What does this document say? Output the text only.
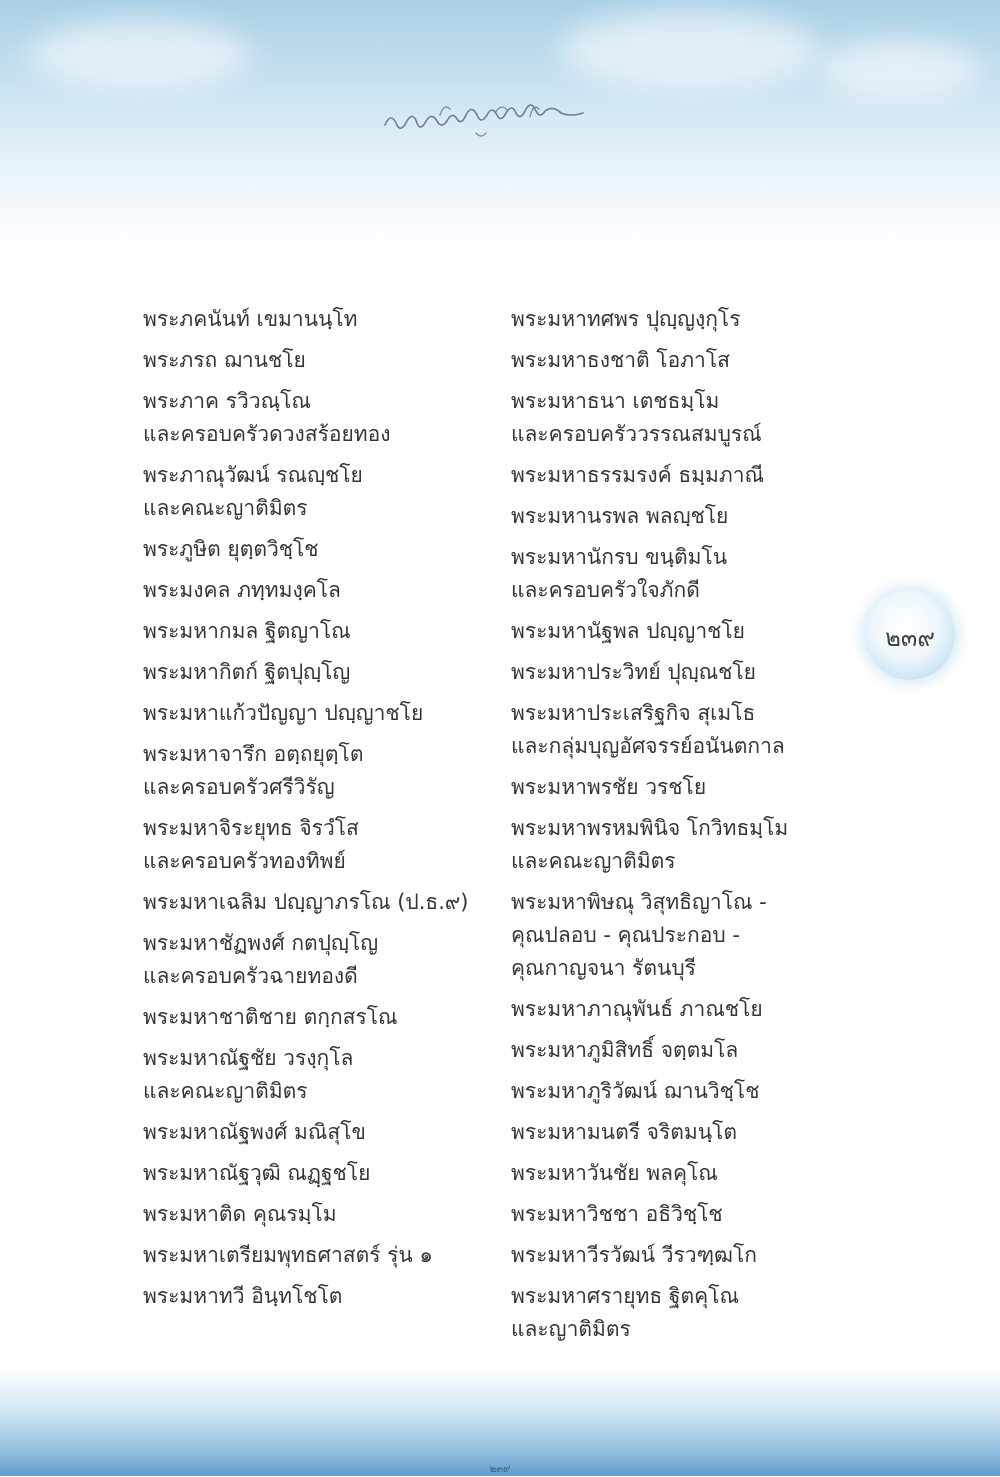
พระภคนันท์ เขมานนฺโท
พระภรถ ฌานชโย
พระภาค รวิวณฺโณ
และครอบครัวดวงสร้อยทอง
พระภาณุวัฒน์ รณญฺชโย
และคณะญาติมิตร
พระภูษิต ยุตฺตวิชฺโช
พระมงคล ภทฺทมงฺคโล
พระมหากมล ฐิตญาโณ
พระมหากิตก์ ฐิตปุญฺโญ
พระมหาแก้วปัญญา ปญฺญาชโย
พระมหาจารึก อตฺถยุตฺโต
และครอบครัวศรีวิรัญ
พระมหาจิระยุทธ จิรวํโส
และครอบครัวทองทิพย์
พระมหาเฉลิม ปญฺญาภรโณ (ป.ธ.๙)
พระมหาชัฏพงศ์ กตปุญฺโญ
และครอบครัวฉายทองดี
พระมหาชาติชาย ตกฺกสรโณ
พระมหาณัฐชัย วรงฺกุโล
และคณะญาติมิตร
พระมหาณัฐพงศ์ มณิสุโข
พระมหาณัฐวุฒิ ณฏฺฐชโย
พระมหาติด คุณรมฺโม
พระมหาเตรียมพุทธศาสตร์ รุ่น ๑
พระมหาทวี อินฺทโชโต
พระมหาทศพร ปุญฺญงฺกุโร
พระมหาธงชาติ โอภาโส
พระมหาธนา เตชธมฺโม
และครอบครัววรรณสมบูรณ์
พระมหาธรรมรงค์ ธมฺมภาณี
พระมหานรพล พลญฺชโย
พระมหานักรบ ขนฺติมโน
และครอบครัวใจภักดี
พระมหานัฐพล ปญฺญาชโย
พระมหาประวิทย์ ปุญฺณชโย
พระมหาประเสริฐกิจ สุเมโธ
และกลุ่มบุญอัศจรรย์อนันตกาล
พระมหาพรชัย วรชโย
พระมหาพรหมพินิจ โกวิทธมฺโม
และคณะญาติมิตร
พระมหาพิษณุ วิสุทธิญาโณ -
คุณปลอบ - คุณประกอบ -
คุณกาญจนา รัตนบุรี
พระมหาภาณุพันธ์ ภาณชโย
พระมหาภูมิสิทธิ์ จตฺตมโล
พระมหาภูริวัฒน์ ฌานวิชฺโช
พระมหามนตรี จริตมนฺโต
พระมหาวันชัย พลคุโณ
พระมหาวิชชา อธิวิชฺโช
พระมหาวีรวัฒน์ วีรวฑฺฒโก
พระมหาศรายุทธ ฐิตคุโณ
และญาติมิตร
๒๓๙
๒๓๙
